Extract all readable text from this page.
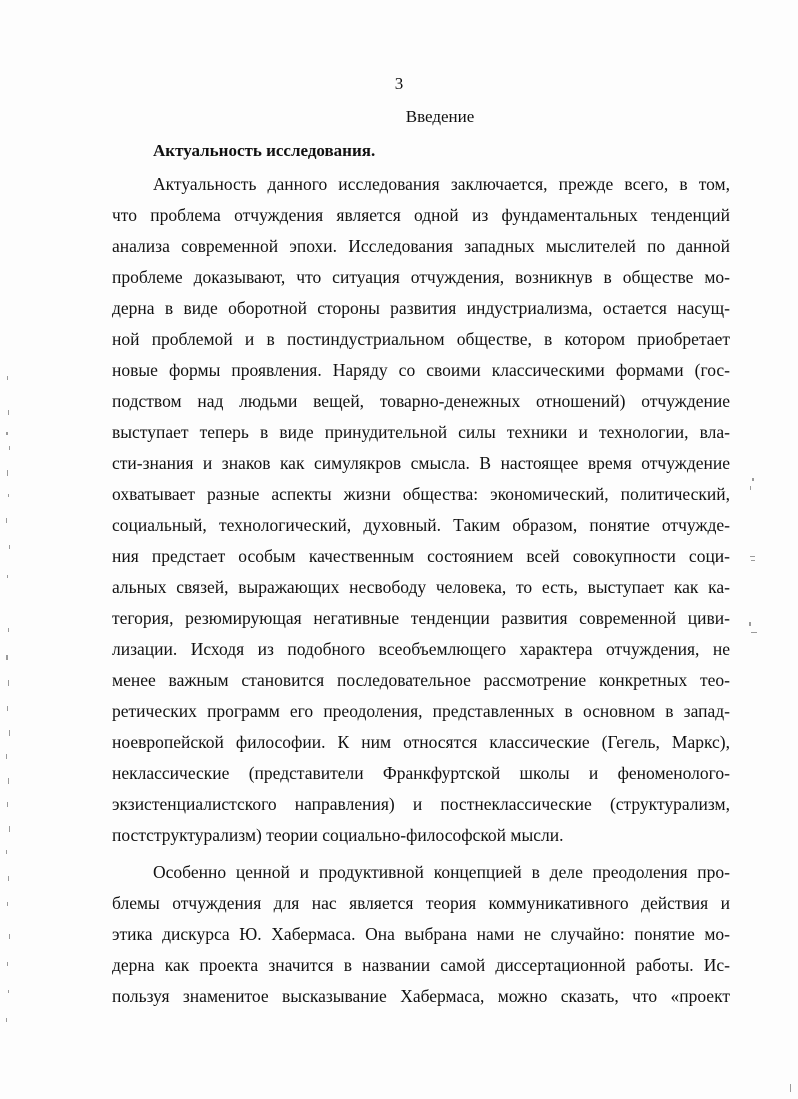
3
Введение
Актуальность исследования.
Актуальность данного исследования заключается, прежде всего, в том,
что проблема отчуждения является одной из фундаментальных тенденций
анализа современной эпохи. Исследования западных мыслителей по данной
проблеме доказывают, что ситуация отчуждения, возникнув в обществе мо-
дерна в виде оборотной стороны развития индустриализма, остается насущ-
ной проблемой и в постиндустриальном обществе, в котором приобретает
новые формы проявления. Наряду со своими классическими формами (гос-
подством над людьми вещей, товарно-денежных отношений) отчуждение
выступает теперь в виде принудительной силы техники и технологии, вла-
сти-знания и знаков как симулякров смысла. В настоящее время отчуждение
охватывает разные аспекты жизни общества: экономический, политический,
социальный, технологический, духовный. Таким образом, понятие отчужде-
ния предстает особым качественным состоянием всей совокупности соци-
альных связей, выражающих несвободу человека, то есть, выступает как ка-
тегория, резюмирующая негативные тенденции развития современной циви-
лизации. Исходя из подобного всеобъемлющего характера отчуждения, не
менее важным становится последовательное рассмотрение конкретных тео-
ретических программ его преодоления, представленных в основном в запад-
ноевропейской философии. К ним относятся классические (Гегель, Маркс),
неклассические (представители Франкфуртской школы и феноменолого-
экзистенциалистского направления) и постнеклассические (структурализм,
постструктурализм) теории социально-философской мысли.
Особенно ценной и продуктивной концепцией в деле преодоления про-
блемы отчуждения для нас является теория коммуникативного действия и
этика дискурса Ю. Хабермаса. Она выбрана нами не случайно: понятие мо-
дерна как проекта значится в названии самой диссертационной работы. Ис-
пользуя знаменитое высказывание Хабермаса, можно сказать, что «проект
